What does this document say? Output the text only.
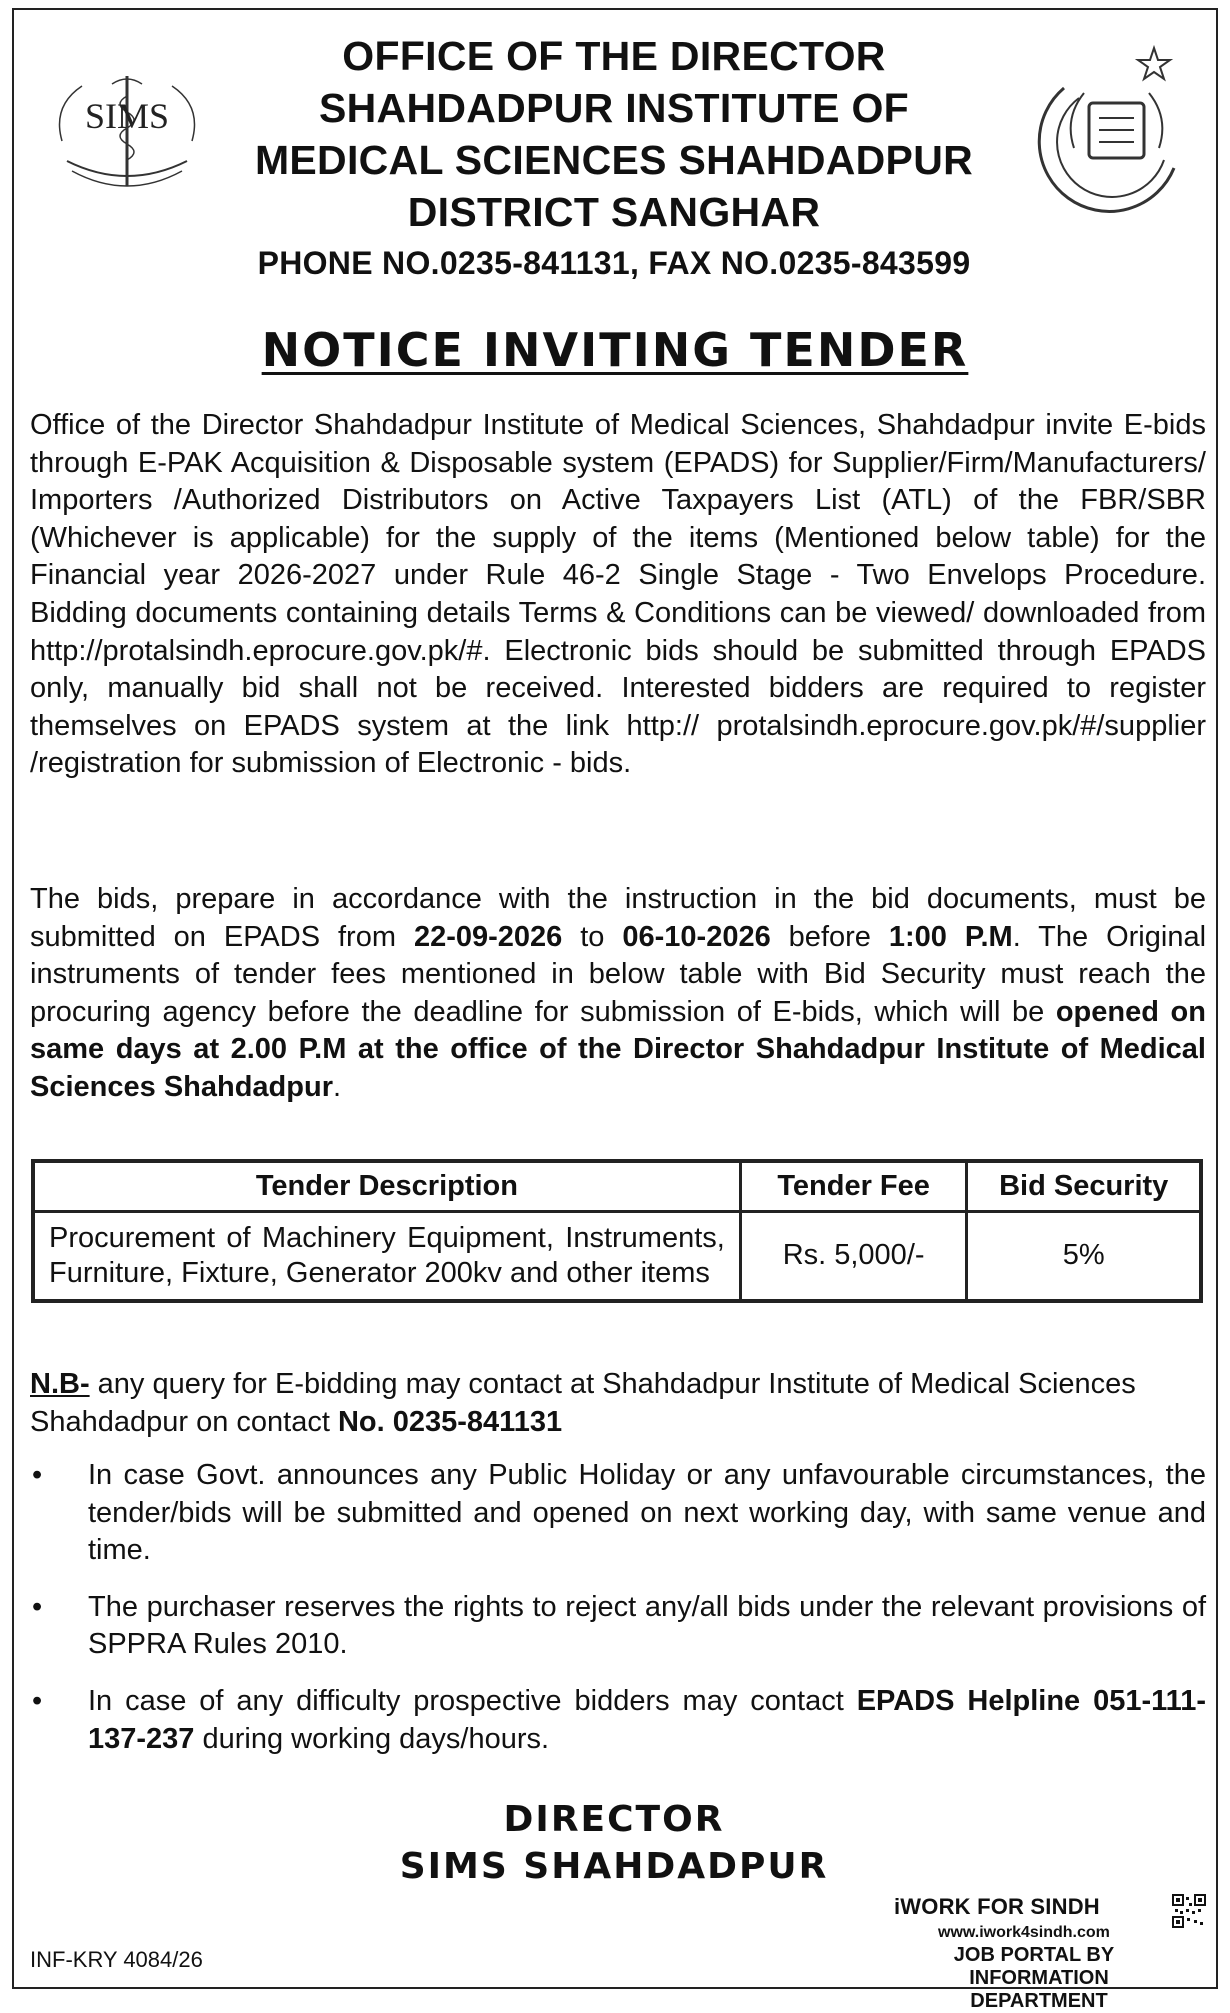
SIMS
OFFICE OF THE DIRECTOR
SHAHDADPUR INSTITUTE OF
MEDICAL SCIENCES SHAHDADPUR
DISTRICT SANGHAR
PHONE NO.0235-841131, FAX NO.0235-843599
NOTICE INVITING TENDER
Office of the Director Shahdadpur Institute of Medical Sciences, Shahdadpur invite E-bids through E-PAK Acquisition & Disposable system (EPADS) for Supplier/Firm/Manufacturers/ Importers /Authorized Distributors on Active Taxpayers List (ATL) of the FBR/SBR (Whichever is applicable) for the supply of the items (Mentioned below table) for the Financial year 2026-2027 under Rule 46-2 Single Stage - Two Envelops Procedure. Bidding documents containing details Terms & Conditions can be viewed/ downloaded from http://protalsindh.eprocure.gov.pk/#. Electronic bids should be submitted through EPADS only, manually bid shall not be received. Interested bidders are required to register themselves on EPADS system at the link http:// protalsindh.eprocure.gov.pk/#/supplier /registration for submission of Electronic - bids.
The bids, prepare in accordance with the instruction in the bid documents, must be submitted on EPADS from 22-09-2026 to 06-10-2026 before 1:00 P.M. The Original instruments of tender fees mentioned in below table with Bid Security must reach the procuring agency before the deadline for submission of E-bids, which will be opened on same days at 2.00 P.M at the office of the Director Shahdadpur Institute of Medical Sciences Shahdadpur.
Tender Description	Tender Fee	Bid Security
Procurement of Machinery Equipment, Instruments, Furniture, Fixture, Generator 200kv and other items	Rs. 5,000/-	5%
N.B- any query for E-bidding may contact at Shahdadpur Institute of Medical Sciences Shahdadpur on contact No. 0235-841131
• In case Govt. announces any Public Holiday or any unfavourable circumstances, the tender/bids will be submitted and opened on next working day, with same venue and time.
• The purchaser reserves the rights to reject any/all bids under the relevant provisions of SPPRA Rules 2010.
• In case of any difficulty prospective bidders may contact EPADS Helpline 051-111-137-237 during working days/hours.
DIRECTOR
SIMS SHAHDADPUR
INF-KRY 4084/26
iWORK FOR SINDH
www.iwork4sindh.com
JOB PORTAL BY
INFORMATION DEPARTMENT
